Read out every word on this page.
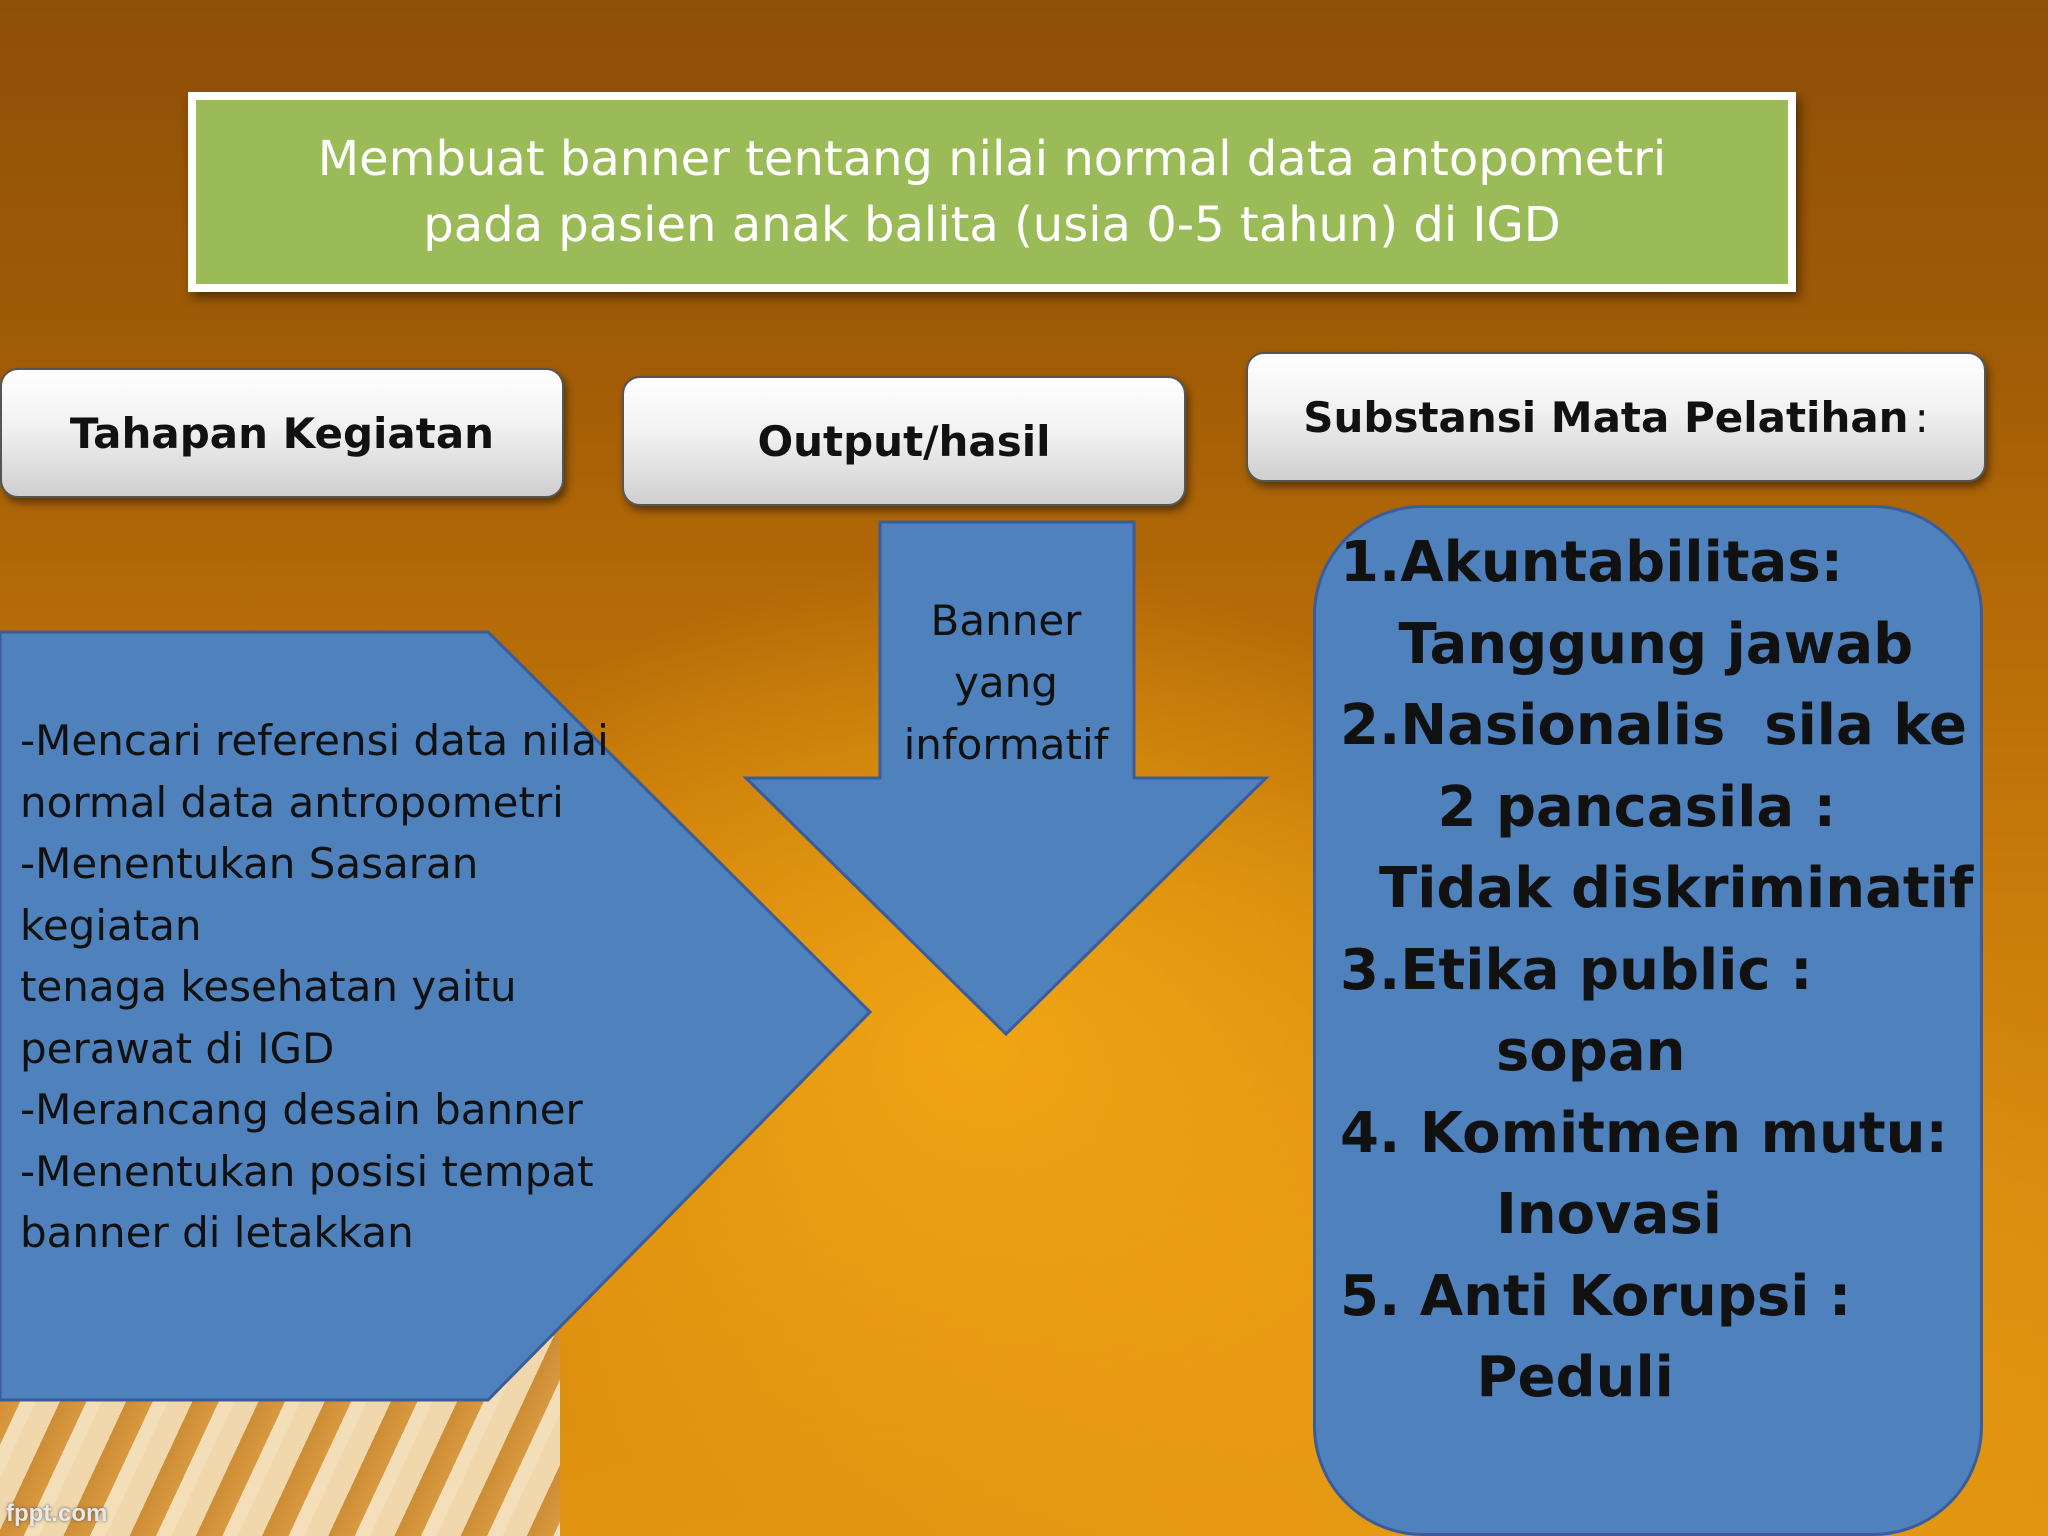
Membuat banner tentang nilai normal data antopometri pada pasien anak balita (usia 0-5 tahun) di IGD
Tahapan Kegiatan	Output/hasil	Substansi Mata Pelatihan :
-Mencari referensi data nilai normal data antropometri
-Menentukan Sasaran kegiatan
tenaga kesehatan yaitu perawat di IGD
-Merancang desain banner
-Menentukan posisi tempat banner di letakkan
Banner
yang
informatif
1.Akuntabilitas:
Tanggung jawab
2.Nasionalis  sila ke
2 pancasila :
Tidak diskriminatif
3.Etika public :
sopan
4. Komitmen mutu:
Inovasi
5. Anti Korupsi :
Peduli
fppt.com
